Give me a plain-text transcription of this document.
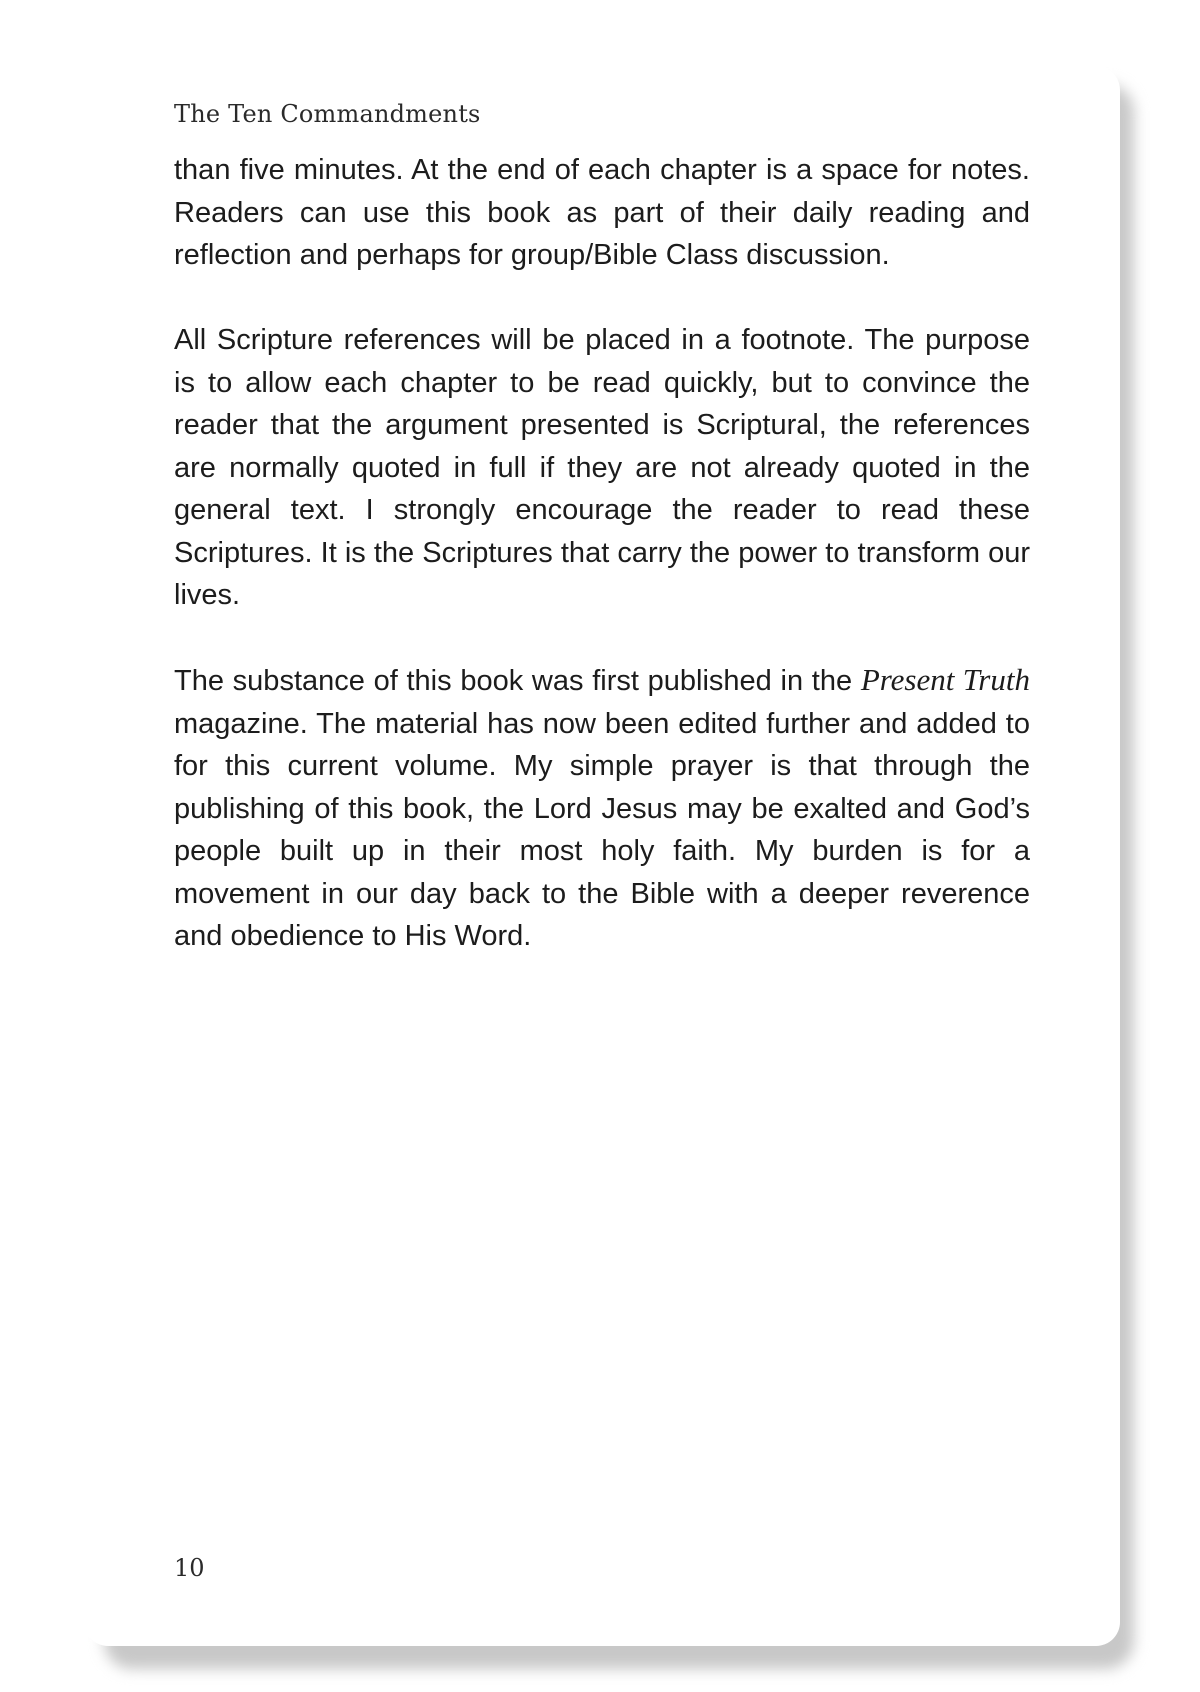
The Ten Commandments

than five minutes. At the end of each chapter is a space for notes. Readers can use this book as part of their daily reading and reflection and perhaps for group/Bible Class discussion.

All Scripture references will be placed in a footnote. The purpose is to allow each chapter to be read quickly, but to convince the reader that the argument presented is Scriptural, the references are normally quoted in full if they are not already quoted in the general text. I strongly encourage the reader to read these Scriptures. It is the Scriptures that carry the power to transform our lives.

The substance of this book was first published in the Present Truth magazine. The material has now been edited further and added to for this current volume. My simple prayer is that through the publishing of this book, the Lord Jesus may be exalted and God’s people built up in their most holy faith. My burden is for a movement in our day back to the Bible with a deeper reverence and obedience to His Word.

10
